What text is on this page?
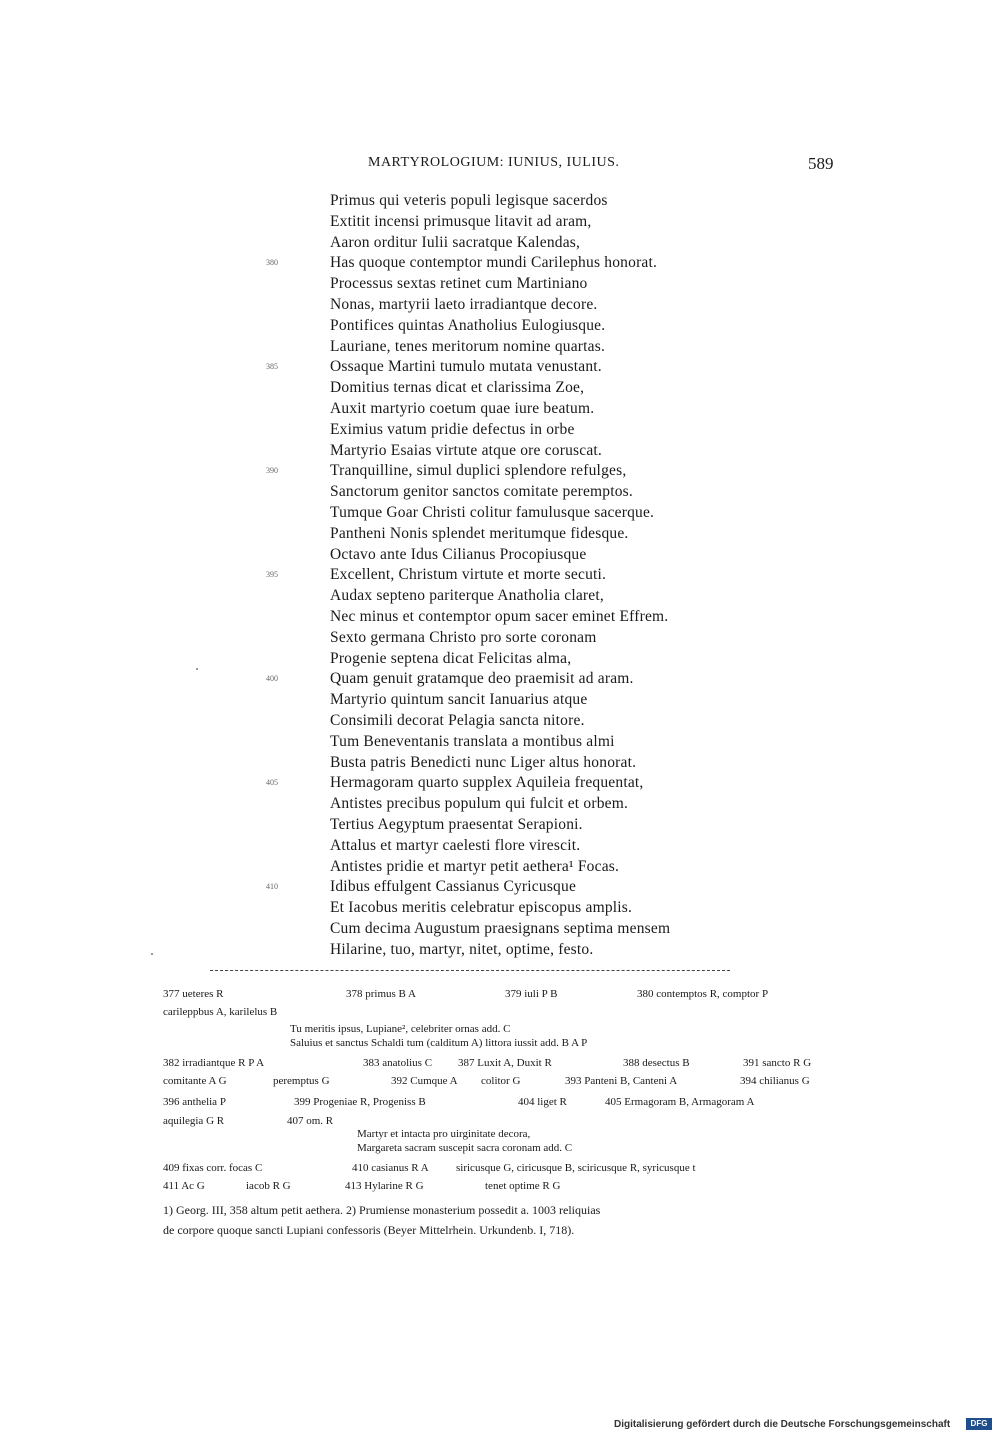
MARTYROLOGIUM: IUNIUS, IULIUS.	589
Primus qui veteris populi legisque sacerdos
Extitit incensi primusque litavit ad aram,
Aaron orditur Iulii sacratque Kalendas,
Has quoque contemptor mundi Carilephus honorat.
380
Processus sextas retinet cum Martiniano
Nonas, martyrii laeto irradiantque decore.
Pontifices quintas Anatholius Eulogiusque.
Lauriane, tenes meritorum nomine quartas.
Ossaque Martini tumulo mutata venustant.
385
Domitius ternas dicat et clarissima Zoe,
Auxit martyrio coetum quae iure beatum.
Eximius vatum pridie defectus in orbe
Martyrio Esaias virtute atque ore coruscat.
Tranquilline, simul duplici splendore refulges,
390
Sanctorum genitor sanctos comitate peremptos.
Tumque Goar Christi colitur famulusque sacerque.
Pantheni Nonis splendet meritumque fidesque.
Octavo ante Idus Cilianus Procopiusque
Excellent, Christum virtute et morte secuti.
395
Audax septeno pariterque Anatholia claret,
Nec minus et contemptor opum sacer eminet Effrem.
Sexto germana Christo pro sorte coronam
Progenie septena dicat Felicitas alma,
Quam genuit gratamque deo praemisit ad aram.
400
Martyrio quintum sancit Ianuarius atque
Consimili decorat Pelagia sancta nitore.
Tum Beneventanis translata a montibus almi
Busta patris Benedicti nunc Liger altus honorat.
Hermagoram quarto supplex Aquileia frequentat,
405
Antistes precibus populum qui fulcit et orbem.
Tertius Aegyptum praesentat Serapioni.
Attalus et martyr caelesti flore virescit.
Antistes pridie et martyr petit aethera¹ Focas.
Idibus effulgent Cassianus Cyricusque
410
Et Iacobus meritis celebratur episcopus amplis.
Cum decima Augustum praesignans septima mensem
Hilarine, tuo, martyr, nitet, optime, festo.
377 ueteres R	378 primus B A	379 iuli P B	380 contemptos R, comptor P
carileppbus A, karilelus B
Tu meritis ipsus, Lupiane², celebriter ornas add. C
Saluius et sanctus Schaldi tum (calditum A) littora iussit add. B A P
382 irradiantque R P A	383 anatolius C 387 Luxit A, Duxit R	388 desectus B	391 sancto R G
comitante A G	peremptus G	392 Cumque A colitor G	393 Panteni B, Canteni A	394 chilianus G
396 anthelia P	399 Progeniae R, Progeniss B	404 liget R	405 Ermagoram B, Armagoram A
aquilegia G R	407 om. R
Martyr et intacta pro uirginitate decora,
Margareta sacram suscepit sacra coronam add. C
409 fixas corr. focas C	410 casianus R A siricusque G, ciricusque B, sciricusque R, syricusque t
411 Ac G	iacob R G	413 Hylarine R G	tenet optime R G
1) Georg. III, 358 altum petit aethera. 2) Prumiense monasterium possedit a. 1003 reliquias
de corpore quoque sancti Lupiani confessoris (Beyer Mittelrhein. Urkundenb. I, 718).
Digitalisierung gefördert durch die Deutsche Forschungsgemeinschaft	DFG
